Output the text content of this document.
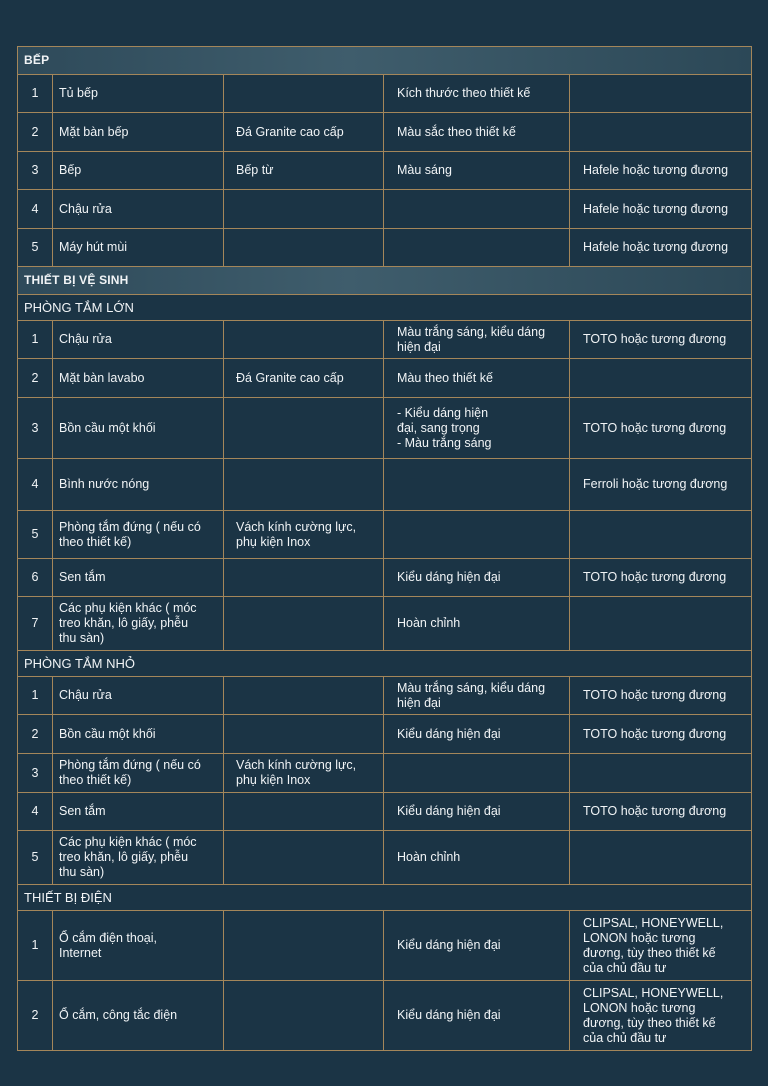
BẾP				
1	Tủ bếp		Kích thước theo thiết kế	
2	Mặt bàn bếp	Đá Granite cao cấp	Màu sắc theo thiết kế	
3	Bếp	Bếp từ	Màu sáng	Hafele hoặc tương đương
4	Chậu rửa			Hafele hoặc tương đương
5	Máy hút mùi			Hafele hoặc tương đương
THIẾT BỊ VỆ SINH				
PHÒNG TẮM LỚN				
1	Chậu rửa		Màu trắng sáng, kiểu dáng
hiện đại	TOTO hoặc tương đương
2	Mặt bàn lavabo	Đá Granite cao cấp	Màu theo thiết kế	
3	Bồn cầu một khối		- Kiểu dáng hiện
đại, sang trọng
- Màu trắng sáng	TOTO hoặc tương đương
4	Bình nước nóng			Ferroli hoặc tương đương
5	Phòng tắm đứng ( nếu có
theo thiết kế)	Vách kính cường lực,
phụ kiện Inox		
6	Sen tắm		Kiểu dáng hiện đại	TOTO hoặc tương đương
7	Các phụ kiện khác ( móc
treo khăn, lô giấy, phễu
thu sàn)		Hoàn chỉnh	
PHÒNG TẮM NHỎ				
1	Chậu rửa		Màu trắng sáng, kiểu dáng
hiện đại	TOTO hoặc tương đương
2	Bồn cầu một khối		Kiểu dáng hiện đại	TOTO hoặc tương đương
3	Phòng tắm đứng ( nếu có
theo thiết kế)	Vách kính cường lực,
phụ kiện Inox		
4	Sen tắm		Kiểu dáng hiện đại	TOTO hoặc tương đương
5	Các phụ kiện khác ( móc
treo khăn, lô giấy, phễu
thu sàn)		Hoàn chỉnh	
THIẾT BỊ ĐIỆN				
1	Ổ cắm điện thoại,
Internet		Kiểu dáng hiện đại	CLIPSAL, HONEYWELL,
LONON hoặc tương
đương, tùy theo thiết kế
của chủ đầu tư
2	Ổ cắm, công tắc điện		Kiểu dáng hiện đại	CLIPSAL, HONEYWELL,
LONON hoặc tương
đương, tùy theo thiết kế
của chủ đầu tư
